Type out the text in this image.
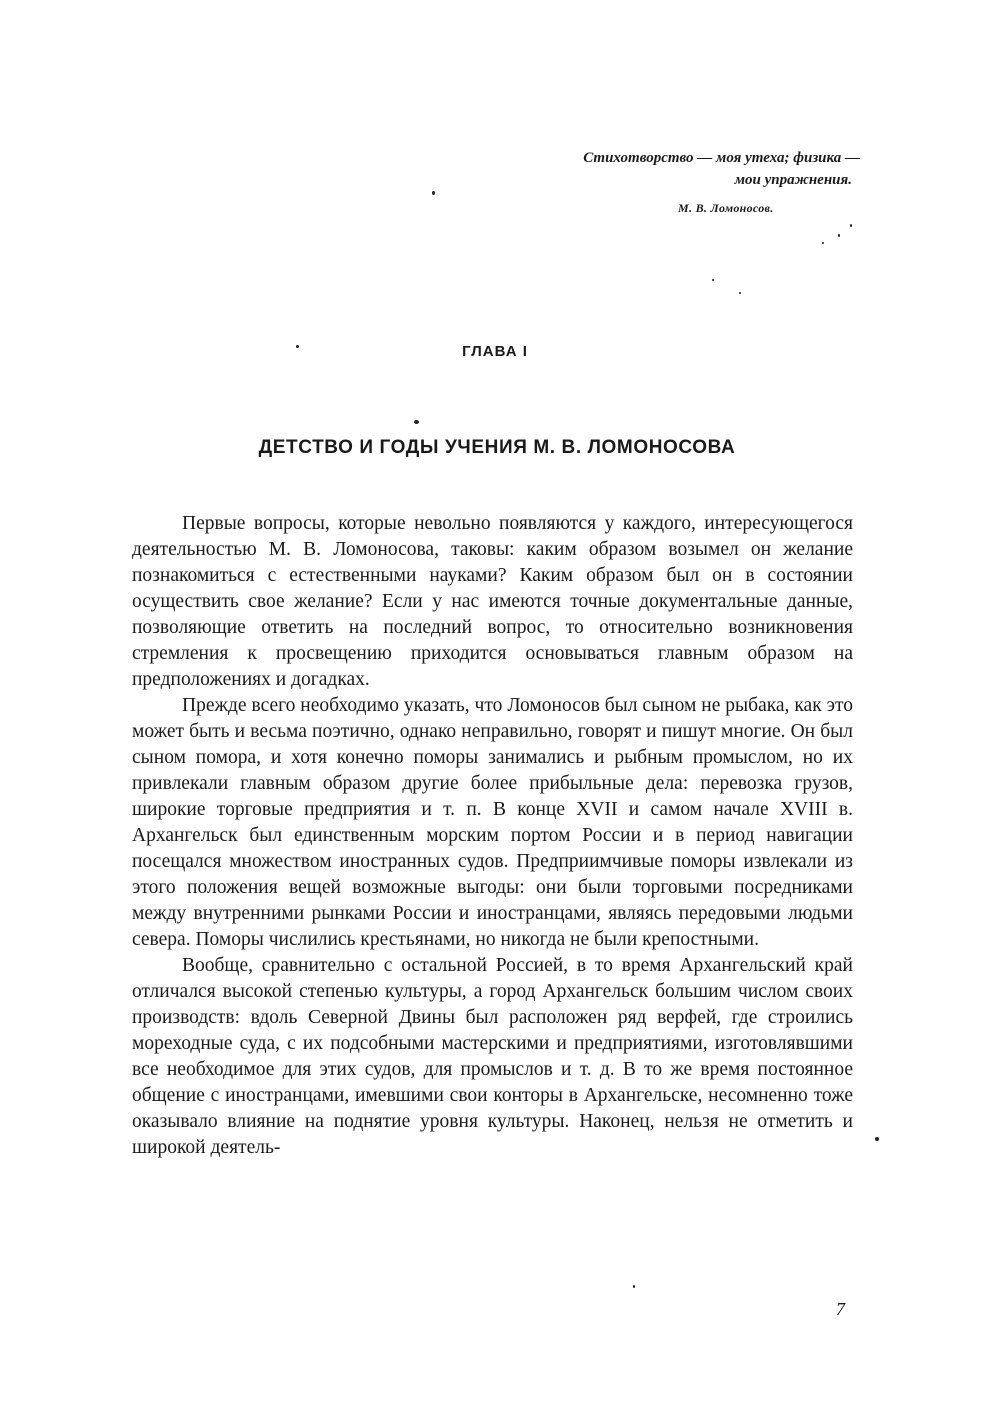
Стихотворство — моя утеха; физика —
мои упражнения.
М. В. Ломоносов.
ГЛАВА I
ДЕТСТВО И ГОДЫ УЧЕНИЯ М. В. ЛОМОНОСОВА

Первые вопросы, которые невольно появляются у каждого, интересующегося деятельностью М. В. Ломоносова, таковы: каким образом возымел он желание познакомиться с естественными науками? Каким образом был он в состоянии осуществить свое желание? Если у нас имеются точные документальные данные, позволяющие ответить на последний вопрос, то относительно возникновения стремления к просвещению приходится основываться главным образом на предположениях и догадках.

Прежде всего необходимо указать, что Ломоносов был сыном не рыбака, как это может быть и весьма поэтично, однако неправильно, говорят и пишут многие. Он был сыном помора, и хотя конечно поморы занимались и рыбным промыслом, но их привлекали главным образом другие более прибыльные дела: перевозка грузов, широкие торговые предприятия и т. п. В конце XVII и самом начале XVIII в. Архангельск был единственным морским портом России и в период навигации посещался множеством иностранных судов. Предприимчивые поморы извлекали из этого положения вещей возможные выгоды: они были торговыми посредниками между внутренними рынками России и иностранцами, являясь передовыми людьми севера. Поморы числились крестьянами, но никогда не были крепостными.

Вообще, сравнительно с остальной Россией, в то время Архангельский край отличался высокой степенью культуры, а город Архангельск большим числом своих производств: вдоль Северной Двины был расположен ряд верфей, где строились мореходные суда, с их подсобными мастерскими и предприятиями, изготовлявшими все необходимое для этих судов, для промыслов и т. д. В то же время постоянное общение с иностранцами, имевшими свои конторы в Архангельске, несомненно тоже оказывало влияние на поднятие уровня культуры. Наконец, нельзя не отметить и широкой деятель-

7
